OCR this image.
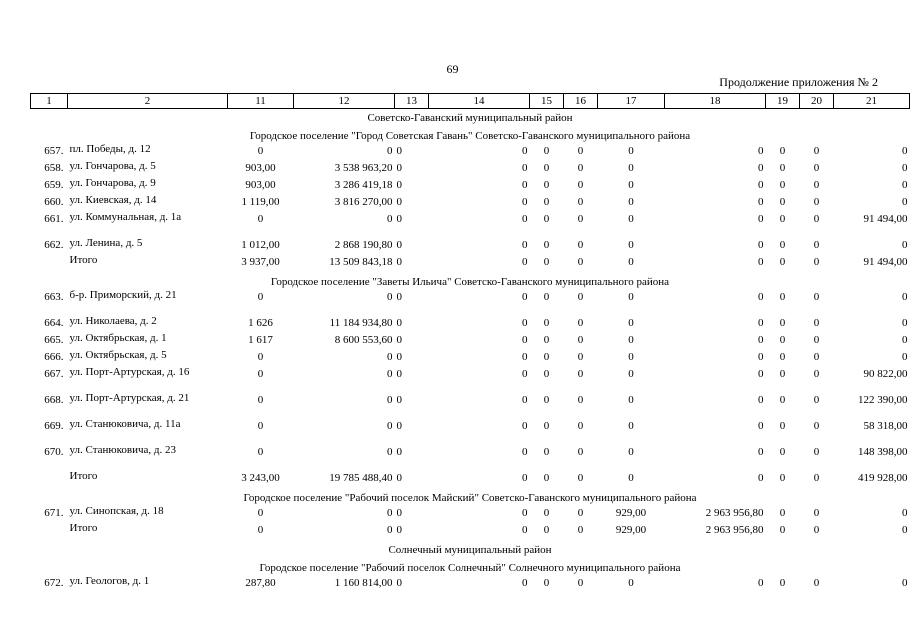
69
Продолжение приложения № 2
1	2	11	12	13	14	15	16	17	18	19	20	21
Советско-Гаванский муниципальный район												
Городское поселение "Город Советская Гавань" Советско-Гаванского муниципального района												
657.	пл. Победы, д. 12	0	0	0	0	0	0	0	0	0	0	0
658.	ул. Гончарова, д. 5	903,00	3 538 963,20	0	0	0	0	0	0	0	0	0
659.	ул. Гончарова, д. 9	903,00	3 286 419,18	0	0	0	0	0	0	0	0	0
660.	ул. Киевская, д. 14	1 119,00	3 816 270,00	0	0	0	0	0	0	0	0	0
661.	ул. Коммунальная, д. 1а	0	0	0	0	0	0	0	0	0	0	91 494,00
662.	ул. Ленина, д. 5	1 012,00	2 868 190,80	0	0	0	0	0	0	0	0	0
	Итого	3 937,00	13 509 843,18	0	0	0	0	0	0	0	0	91 494,00
Городское поселение "Заветы Ильича" Советско-Гаванского муниципального района												
663.	б-р. Приморский, д. 21	0	0	0	0	0	0	0	0	0	0	0
664.	ул. Николаева, д. 2	1 626	11 184 934,80	0	0	0	0	0	0	0	0	0
665.	ул. Октябрьская, д. 1	1 617	8 600 553,60	0	0	0	0	0	0	0	0	0
666.	ул. Октябрьская, д. 5	0	0	0	0	0	0	0	0	0	0	0
667.	ул. Порт-Артурская, д. 16	0	0	0	0	0	0	0	0	0	0	90 822,00
668.	ул. Порт-Артурская, д. 21	0	0	0	0	0	0	0	0	0	0	122 390,00
669.	ул. Станюковича, д. 11а	0	0	0	0	0	0	0	0	0	0	58 318,00
670.	ул. Станюковича, д. 23	0	0	0	0	0	0	0	0	0	0	148 398,00
	Итого	3 243,00	19 785 488,40	0	0	0	0	0	0	0	0	419 928,00
Городское поселение "Рабочий поселок Майский" Советско-Гаванского муниципального района												
671.	ул. Синопская, д. 18	0	0	0	0	0	0	929,00	2 963 956,80	0	0	0
	Итого	0	0	0	0	0	0	929,00	2 963 956,80	0	0	0
Солнечный муниципальный район												
Городское поселение "Рабочий поселок Солнечный" Солнечного муниципального района												
672.	ул. Геологов, д. 1	287,80	1 160 814,00	0	0	0	0	0	0	0	0	0
